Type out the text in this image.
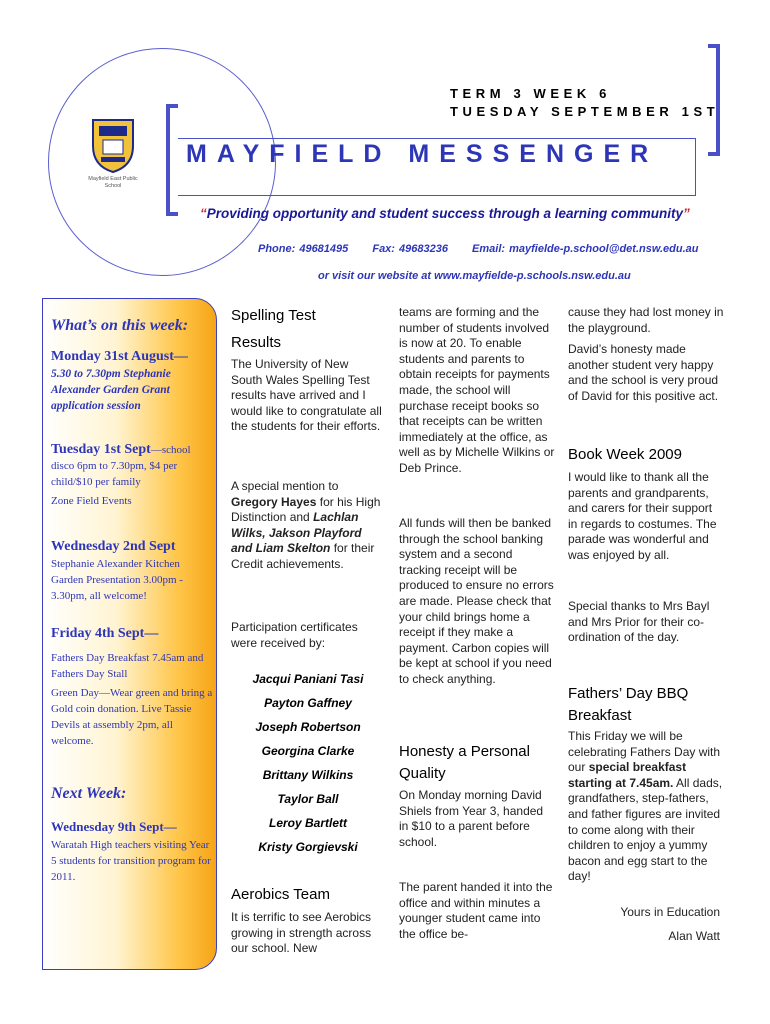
Mayfield East Public School
TERM 3 WEEK 6
TUESDAY SEPTEMBER 1ST
MAYFIELD MESSENGER
“Providing opportunity and student success through a learning community”
Phone: 49681495 Fax: 49683236 Email: mayfielde-p.school@det.nsw.edu.au
or visit our website at www.mayfielde-p.schools.nsw.edu.au
What’s on this week:
Monday 31st August—
5.30 to 7.30pm Stephanie Alexander Garden Grant application session
Tuesday 1st Sept—school
disco 6pm to 7.30pm, $4 per child/$10 per family
Zone Field Events
Wednesday 2nd Sept
Stephanie Alexander Kitchen Garden Presentation 3.00pm - 3.30pm, all welcome!
Friday 4th Sept—
Fathers Day Breakfast 7.45am and Fathers Day Stall
Green Day—Wear green and bring a Gold coin donation. Live Tassie Devils at assembly 2pm, all welcome.
Next Week:
Wednesday 9th Sept—
Waratah High teachers visiting Year 5 students for transition program for 2011.
Spelling Test
Results
The University of New South Wales Spelling Test results have arrived and I would like to congratulate all the students for their efforts.
A special mention to
Gregory Hayes for his High Distinction and Lachlan Wilks, Jakson Playford and Liam Skelton for their Credit achievements.
Participation certificates were received by:
Jacqui Paniani Tasi
Payton Gaffney
Joseph Robertson
Georgina Clarke
Brittany Wilkins
Taylor Ball
Leroy Bartlett
Kristy Gorgievski
Aerobics Team
It is terrific to see Aerobics growing in strength across our school. New
teams are forming and the number of students involved is now at 20. To enable students and parents to obtain receipts for payments made, the school will purchase receipt books so that receipts can be written immediately at the office, as well as by Michelle Wilkins or Deb Prince.
All funds will then be banked through the school banking system and a second tracking receipt will be produced to ensure no errors are made. Please check that your child brings home a receipt if they make a payment. Carbon copies will be kept at school if you need to check anything.
Honesty a Personal
Quality
On Monday morning David Shiels from Year 3, handed in $10 to a parent before school.
The parent handed it into the office and within minutes a younger student came into the office be-
cause they had lost money in the playground.
David’s honesty made another student very happy and the school is very proud of David for this positive act.
Book Week 2009
I would like to thank all the parents and grandparents, and carers for their support in regards to costumes. The parade was wonderful and was enjoyed by all.
Special thanks to Mrs Bayl and Mrs Prior for their co-ordination of the day.
Fathers’ Day BBQ
Breakfast
This Friday we will be celebrating Fathers Day with our special breakfast starting at 7.45am. All dads, grandfathers, step-fathers, and father figures are invited to come along with their children to enjoy a yummy bacon and egg start to the day!
Yours in Education
Alan Watt
